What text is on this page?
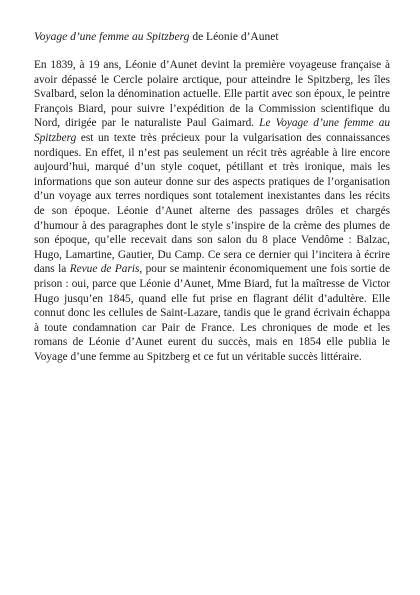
Voyage d’une femme au Spitzberg de Léonie d’Aunet

En 1839, à 19 ans, Léonie d’Aunet devint la première voyageuse française à avoir dépassé le Cercle polaire arctique, pour atteindre le Spitzberg, les îles Svalbard, selon la dénomination actuelle. Elle partit avec son époux, le peintre François Biard, pour suivre l’expédition de la Commission scientifique du Nord, dirigée par le naturaliste Paul Gaimard. Le Voyage d’une femme au Spitzberg est un texte très précieux pour la vulgarisation des connaissances nordiques. En effet, il n’est pas seulement un récit très agréable à lire encore aujourd’hui, marqué d’un style coquet, pétillant et très ironique, mais les informations que son auteur donne sur des aspects pratiques de l’organisation d’un voyage aux terres nordiques sont totalement inexistantes dans les récits de son époque. Léonie d’Aunet alterne des passages drôles et chargés d’humour à des paragraphes dont le style s’inspire de la crème des plumes de son époque, qu’elle recevait dans son salon du 8 place Vendôme : Balzac, Hugo, Lamartine, Gautier, Du Camp. Ce sera ce dernier qui l’incitera à écrire dans la Revue de Paris, pour se maintenir économiquement une fois sortie de prison : oui, parce que Léonie d’Aunet, Mme Biard, fut la maîtresse de Victor Hugo jusqu’en 1845, quand elle fut prise en flagrant délit d’adultère. Elle connut donc les cellules de Saint-Lazare, tandis que le grand écrivain échappa à toute condamnation car Pair de France. Les chroniques de mode et les romans de Léonie d’Aunet eurent du succès, mais en 1854 elle publia le Voyage d’une femme au Spitzberg et ce fut un véritable succès littéraire.
